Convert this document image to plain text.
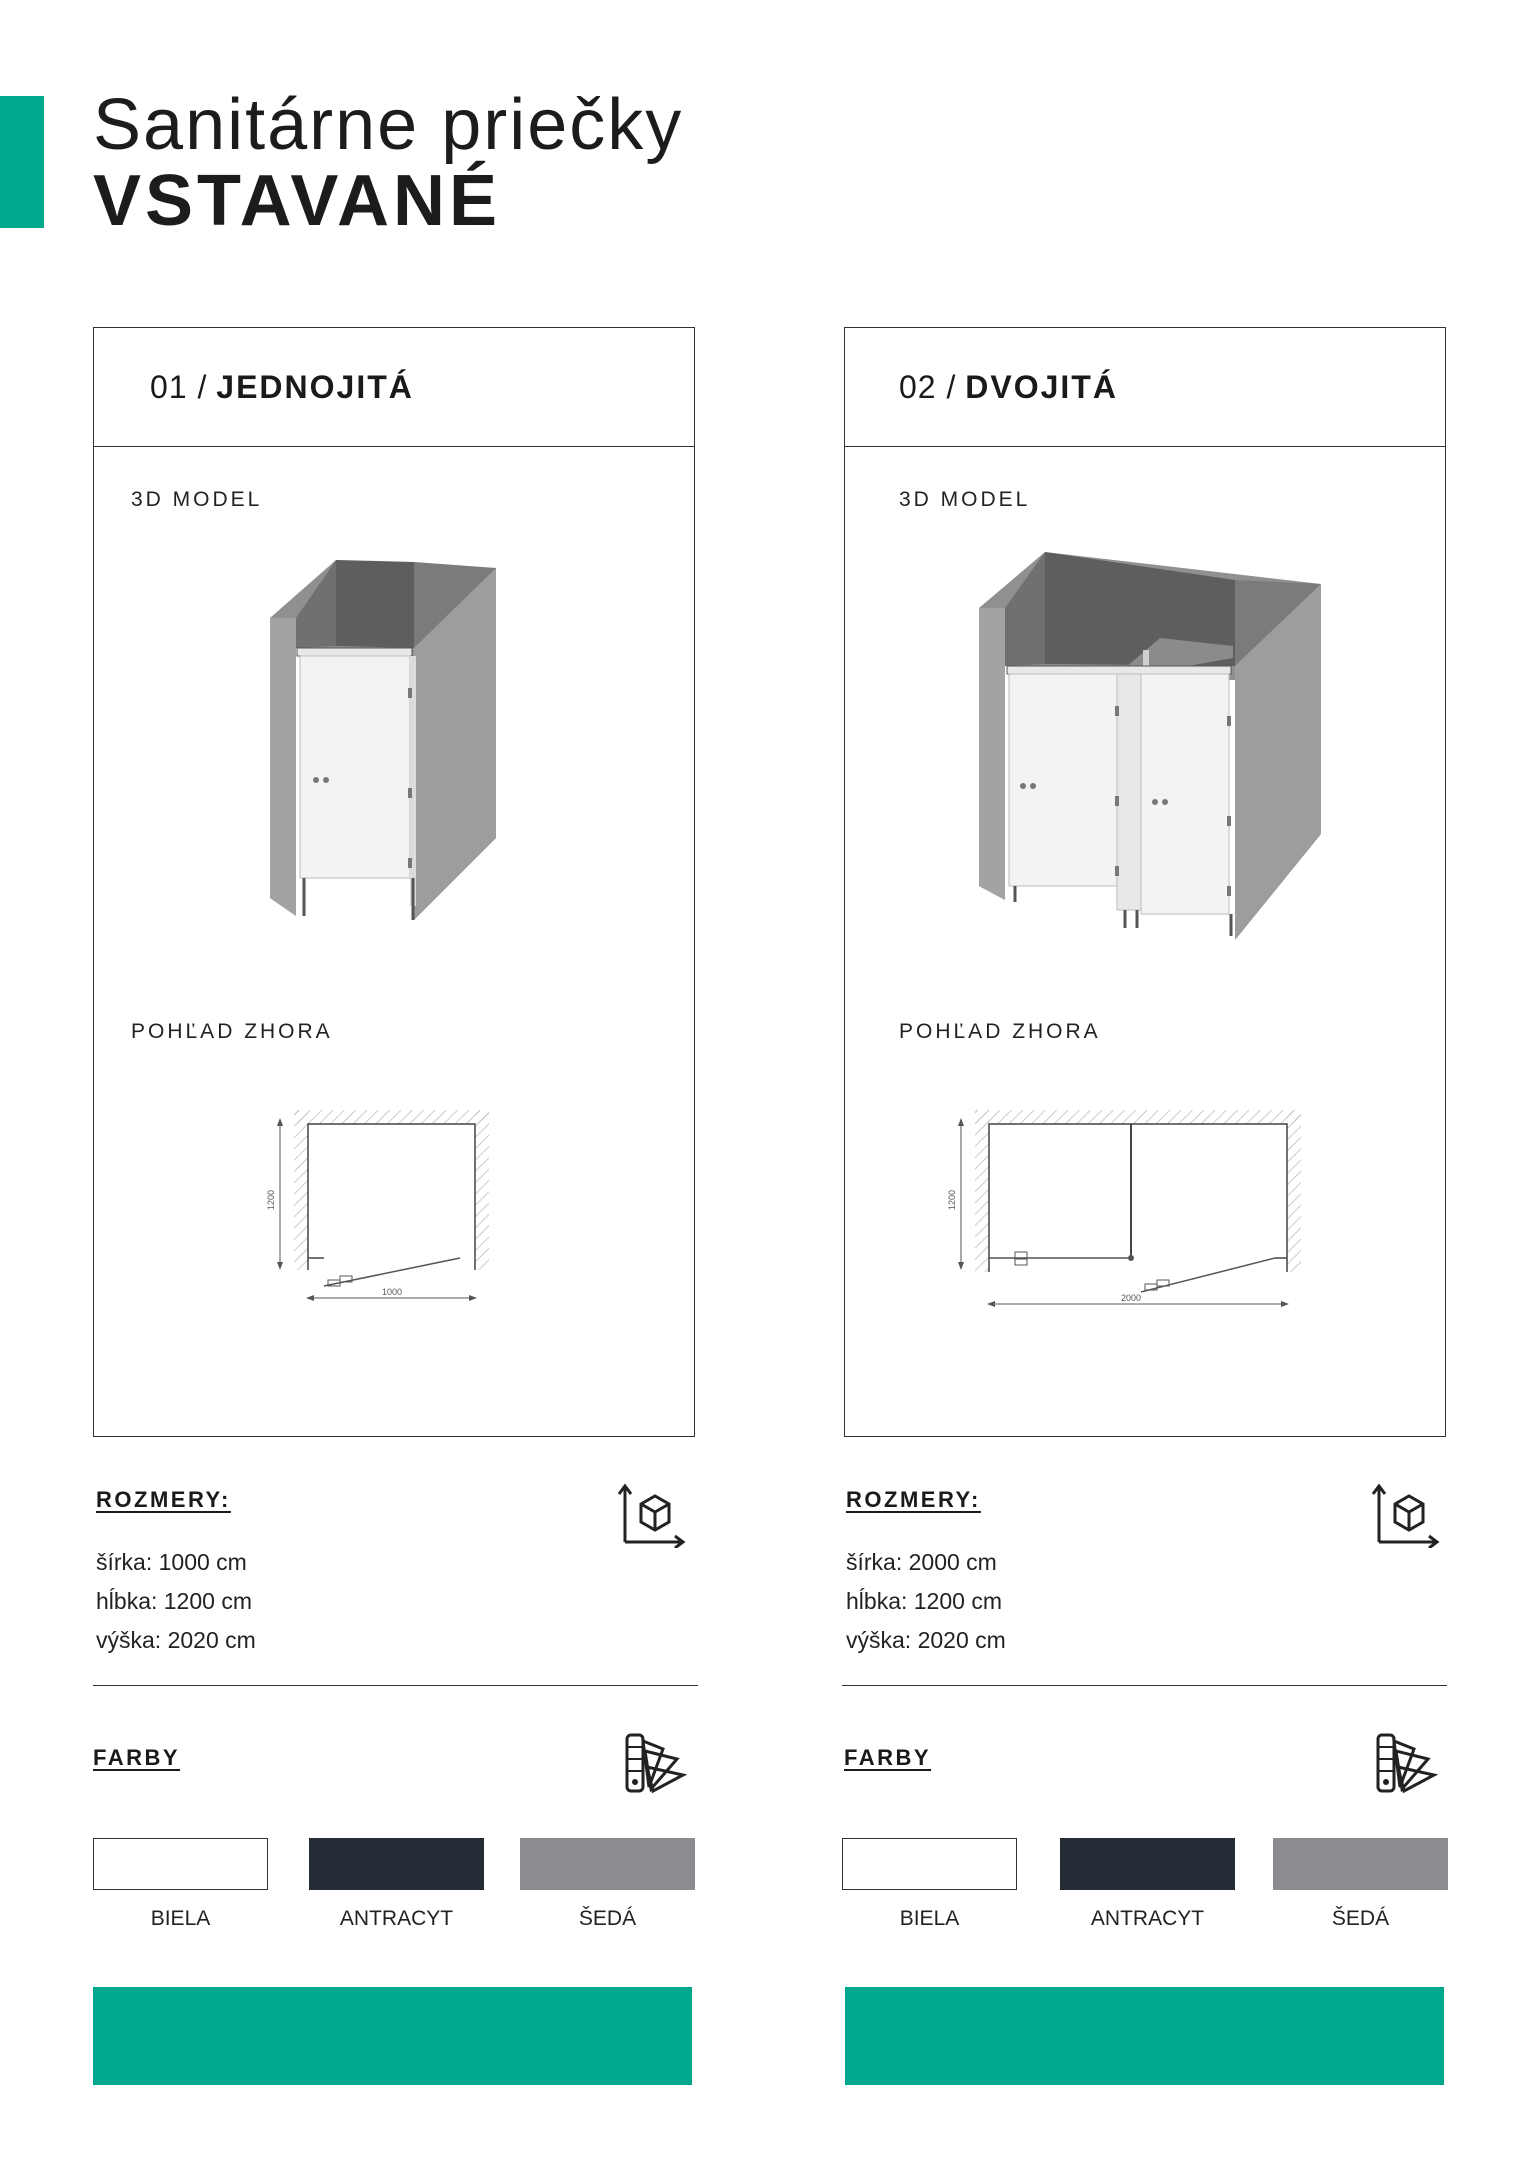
Sanitárne priečky
VSTAVANÉ
01 / JEDNOJITÁ
3D MODEL
POHĽAD ZHORA
1200
1000
ROZMERY:
šírka: 1000 cm
hĺbka: 1200 cm
výška: 2020 cm
FARBY
BIELA	ANTRACYT	ŠEDÁ
02 / DVOJITÁ
3D MODEL
POHĽAD ZHORA
1200
2000
ROZMERY:
šírka: 2000 cm
hĺbka: 1200 cm
výška: 2020 cm
FARBY
BIELA	ANTRACYT	ŠEDÁ
